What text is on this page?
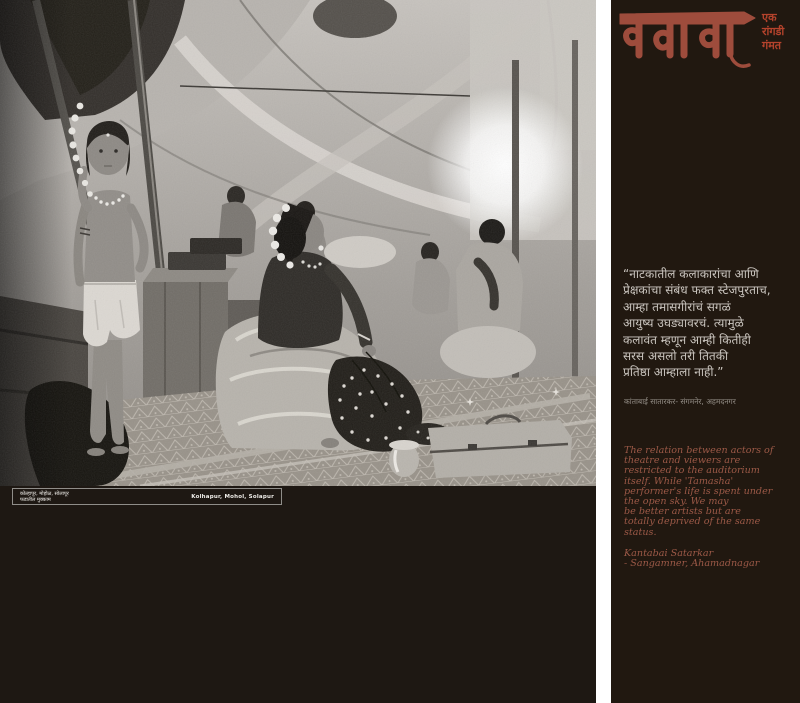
कोल्हापूर, मोहोळ, सोलापूर
फडातील मुक्काम	Kolhapur, Mohol, Solapur
एक
रांगडी
गंमत
“नाटकातील कलाकारांचा आणि
प्रेक्षकांचा संबंध फक्त स्टेजपुरताच,
आम्हा तमासगीरांचं सगळं
आयुष्य उघड्यावरचं. त्यामुळे
कलावंत म्हणून आम्ही कितीही
सरस असलो तरी तितकी
प्रतिष्ठा आम्हाला नाही.”
कांताबाई सातारकर- संगमनेर, अहमदनगर
The relation between actors of
theatre and viewers are
restricted to the auditorium
itself. While 'Tamasha'
performer's life is spent under
the open sky. We may
be better artists but are
totally deprived of the same
status.
Kantabai Satarkar
- Sangamner, Ahamadnagar
